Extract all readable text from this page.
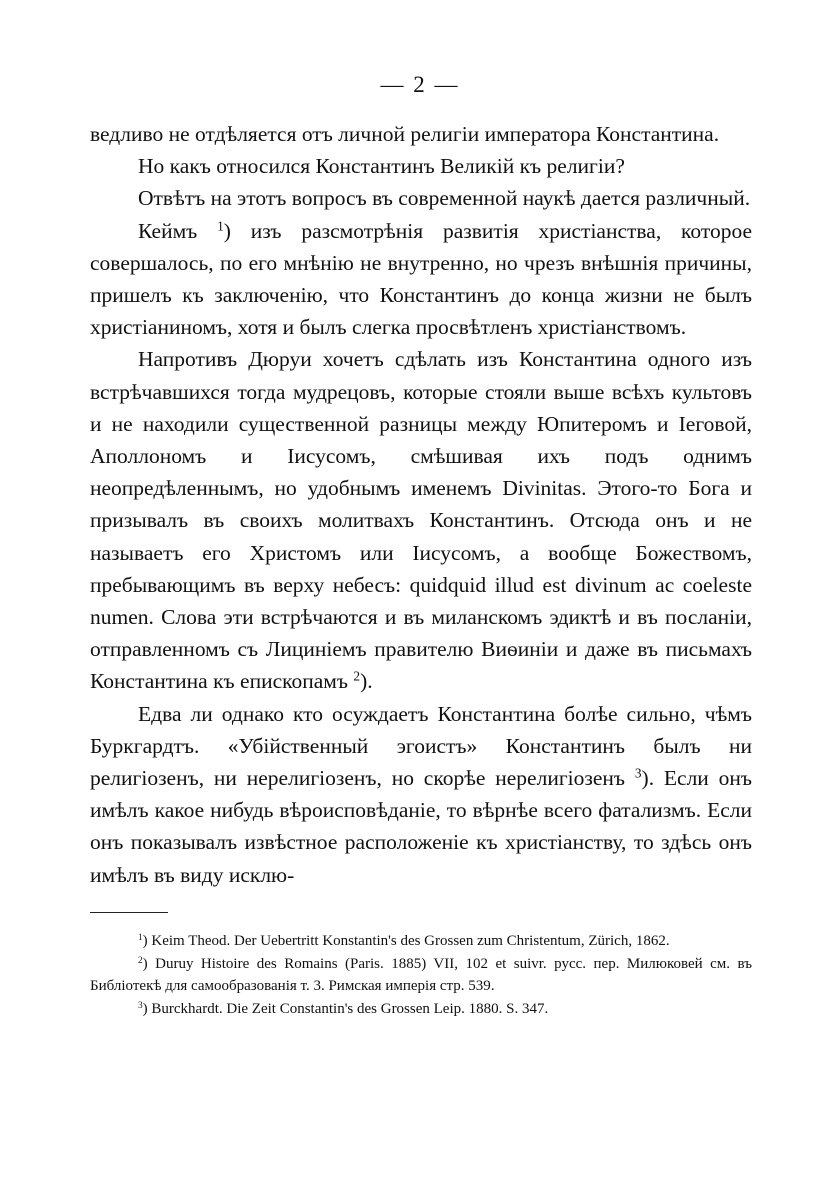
— 2 —

ведливо не отдѣляется отъ личной религіи императора Константина.

Но какъ относился Константинъ Великій къ религіи?

Отвѣтъ на этотъ вопросъ въ современной наукѣ дается различный.

Кеймъ $^1$) изъ разсмотрѣнія развитія христіанства, которое совершалось, по его мнѣнію не внутренно, но чрезъ внѣшнія причины, пришелъ къ заключенію, что Константинъ до конца жизни не былъ христіаниномъ, хотя и былъ слегка просвѣтленъ христіанствомъ.

Напротивъ Дюруи хочетъ сдѣлать изъ Константина одного изъ встрѣчавшихся тогда мудрецовъ, которые стояли выше всѣхъ культовъ и не находили существенной разницы между Юпитеромъ и Іеговой, Аполлономъ и Іисусомъ, смѣшивая ихъ подъ однимъ неопредѣленнымъ, но удобнымъ именемъ Divinitas. Этого-то Бога и призывалъ въ своихъ молитвахъ Константинъ. Отсюда онъ и не называетъ его Христомъ или Іисусомъ, а вообще Божествомъ, пребывающимъ въ верху небесъ: quidquid illud est divinum ac coeleste numen. Слова эти встрѣчаются и въ миланскомъ эдиктѣ и въ посланіи, отправленномъ съ Лициніемъ правителю Виѳиніи и даже въ письмахъ Константина къ епископамъ $^2$).

Едва ли однако кто осуждаетъ Константина болѣе сильно, чѣмъ Буркгардтъ. «Убійственный эгоистъ» Константинъ былъ ни религіозенъ, ни нерелигіозенъ, но скорѣе нерелигіозенъ $^3$). Если онъ имѣлъ какое нибудь вѣроисповѣданіе, то вѣрнѣе всего фатализмъ. Если онъ показывалъ извѣстное расположеніе къ христіанству, то здѣсь онъ имѣлъ въ виду исклю-

$^1$) Keim Theod. Der Uebertritt Konstantin's des Grossen zum Christentum, Zürich, 1862.

$^2$) Duruy Histoire des Romains (Paris. 1885) VII, 102 et suivr. русс. пер. Милюковей см. въ Библіотекѣ для самообразованія т. 3. Римская имперія стр. 539.

$^3$) Burckhardt. Die Zeit Constantin's des Grossen Leip. 1880. S. 347.
